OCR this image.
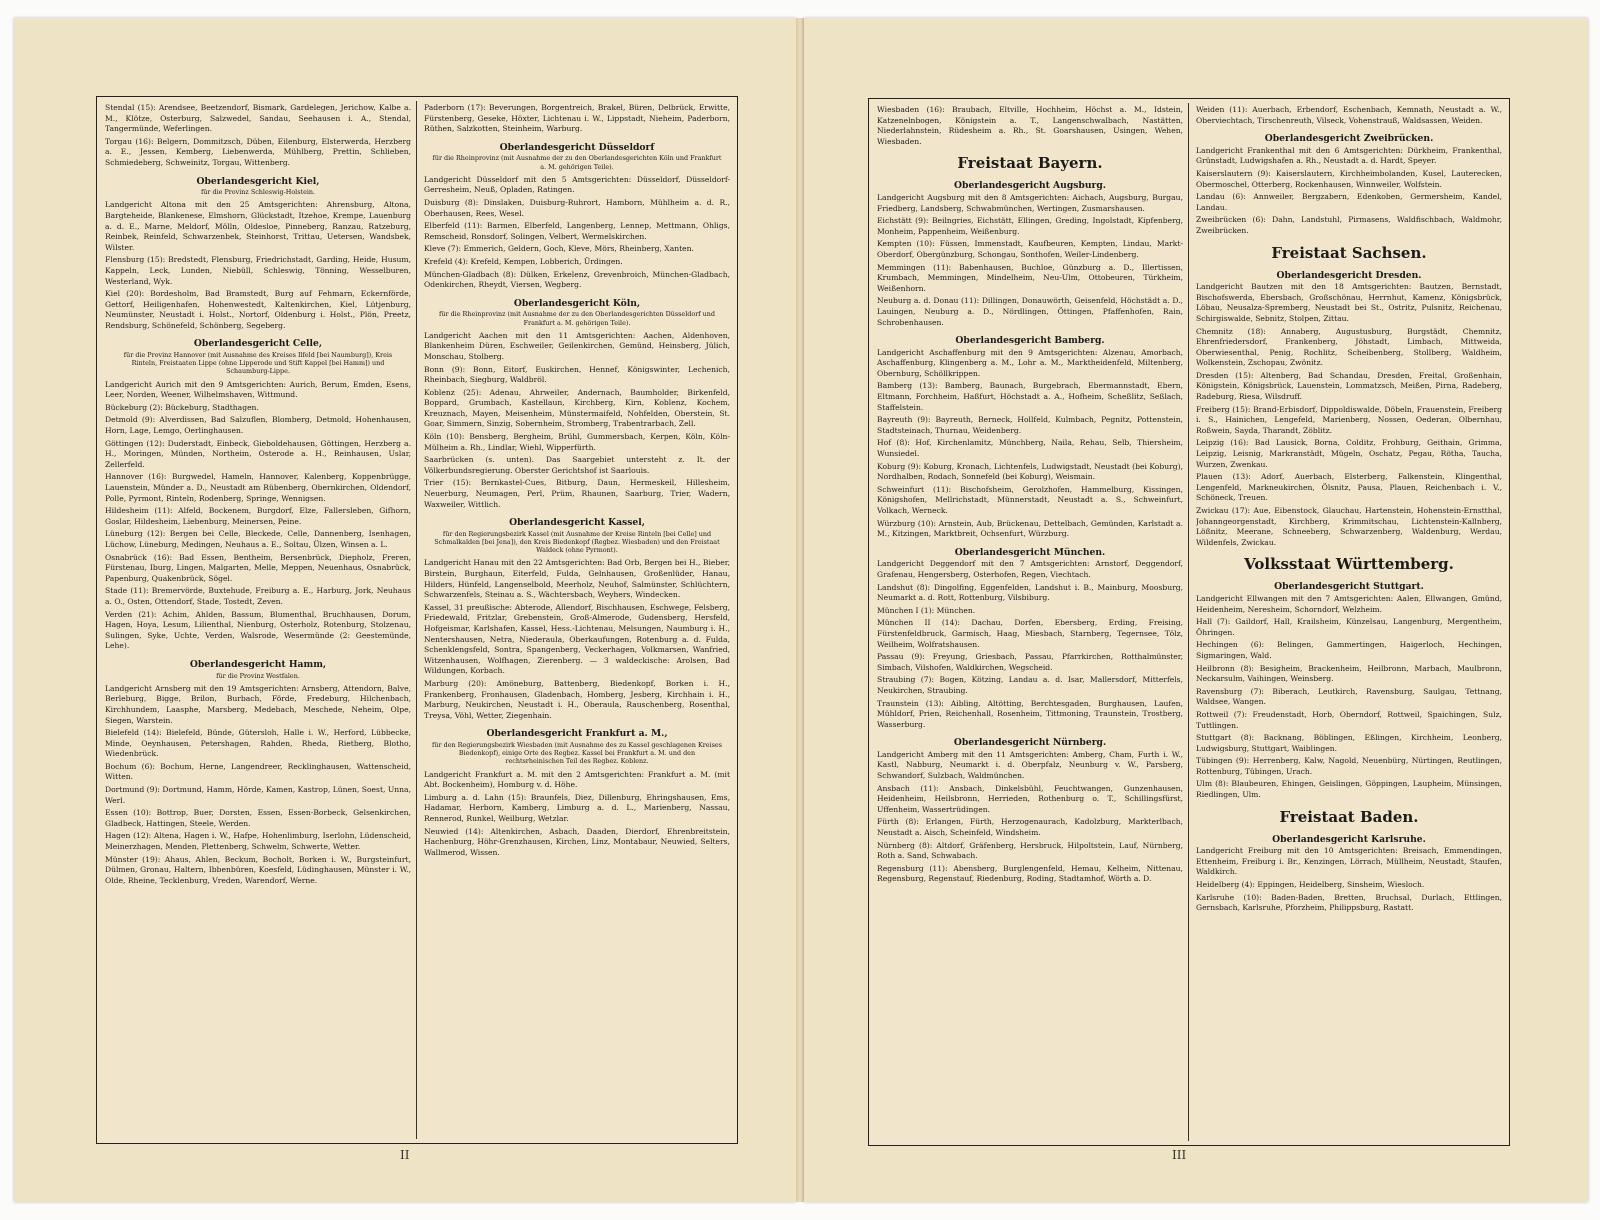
Stendal (15): Arendsee, Beetzendorf, Bismark, Gardelegen, Jerichow, Kalbe a. M., Klötze, Osterburg, Salzwedel, Sandau, Seehausen i. A., Stendal, Tangermünde, Weferlingen.
Torgau (16): Belgern, Dommitzsch, Düben, Eilenburg, Elsterwerda, Herzberg a. E., Jessen, Kemberg, Liebenwerda, Mühlberg, Prettin, Schlieben, Schmiedeberg, Schweinitz, Torgau, Wittenberg.
Oberlandesgericht Kiel,
für die Provinz Schleswig-Holstein.
Landgericht Altona mit den 25 Amtsgerichten: Ahrensburg, Altona, Bargteheide, Blankenese, Elmshorn, Glückstadt, Itzehoe, Krempe, Lauenburg a. d. E., Marne, Meldorf, Mölln, Oldesloe, Pinneberg, Ranzau, Ratzeburg, Reinbek, Reinfeld, Schwarzenbek, Steinhorst, Trittau, Uetersen, Wandsbek, Wilster.
Flensburg (15): Bredstedt, Flensburg, Friedrichstadt, Garding, Heide, Husum, Kappeln, Leck, Lunden, Niebüll, Schleswig, Tönning, Wesselburen, Westerland, Wyk.
Kiel (20): Bordesholm, Bad Bramstedt, Burg auf Fehmarn, Eckernförde, Gettorf, Heiligenhafen, Hohenwestedt, Kaltenkirchen, Kiel, Lütjenburg, Neumünster, Neustadt i. Holst., Nortorf, Oldenburg i. Holst., Plön, Preetz, Rendsburg, Schönefeld, Schönberg, Segeberg.
Oberlandesgericht Celle,
für die Provinz Hannover (mit Ausnahme des Kreises Ilfeld [bei Naumburg]), Kreis Rinteln, Freistaaten Lippe (ohne Lipperode und Stift Kappel [bei Hamm]) und Schaumburg-Lippe.
Landgericht Aurich mit den 9 Amtsgerichten: Aurich, Berum, Emden, Esens, Leer, Norden, Weener, Wilhelmshaven, Wittmund.
Bückeburg (2): Bückeburg, Stadthagen.
Detmold (9): Alverdissen, Bad Salzuflen, Blomberg, Detmold, Hohenhausen, Horn, Lage, Lemgo, Oerlinghausen.
Göttingen (12): Duderstadt, Einbeck, Gieboldehausen, Göttingen, Herzberg a. H., Moringen, Münden, Northeim, Osterode a. H., Reinhausen, Uslar, Zellerfeld.
Hannover (16): Burgwedel, Hameln, Hannover, Kalenberg, Koppenbrügge, Lauenstein, Münder a. D., Neustadt am Rübenberg, Obernkirchen, Oldendorf, Polle, Pyrmont, Rinteln, Rodenberg, Springe, Wennigsen.
Hildesheim (11): Alfeld, Bockenem, Burgdorf, Elze, Fallersleben, Gifhorn, Goslar, Hildesheim, Liebenburg, Meinersen, Peine.
Lüneburg (12): Bergen bei Celle, Bleckede, Celle, Dannenberg, Isenhagen, Lüchow, Lüneburg, Medingen, Neuhaus a. E., Soltau, Ülzen, Winsen a. L.
Osnabrück (16): Bad Essen, Bentheim, Bersenbrück, Diepholz, Freren, Fürstenau, Iburg, Lingen, Malgarten, Melle, Meppen, Neuenhaus, Osnabrück, Papenburg, Quakenbrück, Sögel.
Stade (11): Bremervörde, Buxtehude, Freiburg a. E., Harburg, Jork, Neuhaus a. O., Osten, Ottendorf, Stade, Tostedt, Zeven.
Verden (21): Achim, Ahlden, Bassum, Blumenthal, Bruchhausen, Dorum, Hagen, Hoya, Lesum, Lilienthal, Nienburg, Osterholz, Rotenburg, Stolzenau, Sulingen, Syke, Uchte, Verden, Walsrode, Wesermünde (2: Geestemünde, Lehe).
Oberlandesgericht Hamm,
für die Provinz Westfalen.
Landgericht Arnsberg mit den 19 Amtsgerichten: Arnsberg, Attendorn, Balve, Berleburg, Bigge, Brilon, Burbach, Förde, Fredeburg, Hilchenbach, Kirchhundem, Laasphe, Marsberg, Medebach, Meschede, Neheim, Olpe, Siegen, Warstein.
Bielefeld (14): Bielefeld, Bünde, Gütersloh, Halle i. W., Herford, Lübbecke, Minde, Oeynhausen, Petershagen, Rahden, Rheda, Rietberg, Blotho, Wiedenbrück.
Bochum (6): Bochum, Herne, Langendreer, Recklinghausen, Wattenscheid, Witten.
Dortmund (9): Dortmund, Hamm, Hörde, Kamen, Kastrop, Lünen, Soest, Unna, Werl.
Essen (10): Bottrop, Buer, Dorsten, Essen, Essen-Borbeck, Gelsenkirchen, Gladbeck, Hattingen, Steele, Werden.
Hagen (12): Altena, Hagen i. W., Hafpe, Hohenlimburg, Iserlohn, Lüdenscheid, Meinerzhagen, Menden, Plettenberg, Schwelm, Schwerte, Wetter.
Münster (19): Ahaus, Ahlen, Beckum, Bocholt, Borken i. W., Burgsteinfurt, Dülmen, Gronau, Haltern, Ibbenbüren, Koesfeld, Lüdinghausen, Münster i. W., Olde, Rheine, Tecklenburg, Vreden, Warendorf, Werne.
Paderborn (17): Beverungen, Borgentreich, Brakel, Büren, Delbrück, Erwitte, Fürstenberg, Geseke, Höxter, Lichtenau i. W., Lippstadt, Nieheim, Paderborn, Rüthen, Salzkotten, Steinheim, Warburg.
Oberlandesgericht Düsseldorf
für die Rheinprovinz (mit Ausnahme der zu den Oberlandesgerichten Köln und Frankfurt a. M. gehörigen Teile).
Landgericht Düsseldorf mit den 5 Amtsgerichten: Düsseldorf, Düsseldorf-Gerresheim, Neuß, Opladen, Ratingen.
Duisburg (8): Dinslaken, Duisburg-Ruhrort, Hamborn, Mühlheim a. d. R., Oberhausen, Rees, Wesel.
Elberfeld (11): Barmen, Elberfeld, Langenberg, Lennep, Mettmann, Ohligs, Remscheid, Ronsdorf, Solingen, Velbert, Wermelskirchen.
Kleve (7): Emmerich, Geldern, Goch, Kleve, Mörs, Rheinberg, Xanten.
Krefeld (4): Krefeld, Kempen, Lobberich, Ürdingen.
München-Gladbach (8): Dülken, Erkelenz, Grevenbroich, München-Gladbach, Odenkirchen, Rheydt, Viersen, Wegberg.
Oberlandesgericht Köln,
für die Rheinprovinz (mit Ausnahme der zu den Oberlandesgerichten Düsseldorf und Frankfurt a. M. gehörigen Teile).
Landgericht Aachen mit den 11 Amtsgerichten: Aachen, Aldenhoven, Blankenheim Düren, Eschweiler, Geilenkirchen, Gemünd, Heinsberg, Jülich, Monschau, Stolberg.
Bonn (9): Bonn, Eitorf, Euskirchen, Hennef, Königswinter, Lechenich, Rheinbach, Siegburg, Waldbröl.
Koblenz (25): Adenau, Ahrweiler, Andernach, Baumholder, Birkenfeld, Boppard, Grumbach, Kastellaun, Kirchberg, Kirn, Koblenz, Kochem, Kreuznach, Mayen, Meisenheim, Münstermaifeld, Nohfelden, Oberstein, St. Goar, Simmern, Sinzig, Sobernheim, Stromberg, Trabentrarbach, Zell.
Köln (10): Bensberg, Bergheim, Brühl, Gummersbach, Kerpen, Köln, Köln-Mülheim a. Rh., Lindlar, Wiehl, Wipperfürth.
Saarbrücken (s. unten). Das Saargebiet untersteht z. It. der Völkerbundsregierung. Oberster Gerichtshof ist Saarlouis.
Trier (15): Bernkastel-Cues, Bitburg, Daun, Hermeskeil, Hillesheim, Neuerburg, Neumagen, Perl, Prüm, Rhaunen, Saarburg, Trier, Wadern, Waxweiler, Wittlich.
Oberlandesgericht Kassel,
für den Regierungsbezirk Kassel (mit Ausnahme der Kreise Rinteln [bei Celle] und Schmalkalden [bei Jena]), den Kreis Biedenkopf (Regbez. Wiesbaden) und den Freistaat Waldeck (ohne Pyrmont).
Landgericht Hanau mit den 22 Amtsgerichten: Bad Orb, Bergen bei H., Bieber, Birstein, Burghaun, Eiterfeld, Fulda, Gelnhausen, Großenlüder, Hanau, Hilders, Hünfeld, Langenselbold, Meerholz, Neuhof, Salmünster, Schlüchtern, Schwarzenfels, Steinau a. S., Wächtersbach, Weyhers, Windecken.
Kassel, 31 preußische: Abterode, Allendorf, Bischhausen, Eschwege, Felsberg, Friedewald, Fritzlar, Grebenstein, Groß-Almerode, Gudensberg, Hersfeld, Hofgeismar, Karlshafen, Kassel, Hess.-Lichtenau, Melsungen, Naumburg i. H., Nentershausen, Netra, Niederaula, Oberkaufungen, Rotenburg a. d. Fulda, Schenklengsfeld, Sontra, Spangenberg, Veckerhagen, Volkmarsen, Wanfried, Witzenhausen, Wolfhagen, Zierenberg. — 3 waldeckische: Arolsen, Bad Wildungen, Korbach.
Marburg (20): Amöneburg, Battenberg, Biedenkopf, Borken i. H., Frankenberg, Fronhausen, Gladenbach, Homberg, Jesberg, Kirchhain i. H., Marburg, Neukirchen, Neustadt i. H., Oberaula, Rauschenberg, Rosenthal, Treysa, Vöhl, Wetter, Ziegenhain.
Oberlandesgericht Frankfurt a. M.,
für den Regierungsbezirk Wiesbaden (mit Ausnahme des zu Kassel geschlagenen Kreises Biedenkopf), einige Orte des Regbez. Kassel bei Frankfurt a. M. und den rechtsrheinischen Teil des Regbez. Koblenz.
Landgericht Frankfurt a. M. mit den 2 Amtsgerichten: Frankfurt a. M. (mit Abt. Bockenheim), Homburg v. d. Höhe.
Limburg a. d. Lahn (15): Braunfels, Diez, Dillenburg, Ehringshausen, Ems, Hadamar, Herborn, Kamberg, Limburg a. d. L., Marienberg, Nassau, Rennerod, Runkel, Weilburg, Wetzlar.
Neuwied (14): Altenkirchen, Asbach, Daaden, Dierdorf, Ehrenbreitstein, Hachenburg, Höhr-Grenzhausen, Kirchen, Linz, Montabaur, Neuwied, Selters, Wallmerod, Wissen.
II
Wiesbaden (16): Braubach, Eltville, Hochheim, Höchst a. M., Idstein, Katzenelnbogen, Königstein a. T., Langenschwalbach, Nastätten, Niederlahnstein, Rüdesheim a. Rh., St. Goarshausen, Usingen, Wehen, Wiesbaden.
Freistaat Bayern.
Oberlandesgericht Augsburg.
Landgericht Augsburg mit den 8 Amtsgerichten: Aichach, Augsburg, Burgau, Friedberg, Landsberg, Schwabmünchen, Wertingen, Zusmarshausen.
Eichstätt (9): Beilngries, Eichstätt, Ellingen, Greding, Ingolstadt, Kipfenberg, Monheim, Pappenheim, Weißenburg.
Kempten (10): Füssen, Immenstadt, Kaufbeuren, Kempten, Lindau, Markt-Oberdorf, Obergünzburg, Schongau, Sonthofen, Weiler-Lindenberg.
Memmingen (11): Babenhausen, Buchloe, Günzburg a. D., Illertissen, Krumbach, Memmingen, Mindelheim, Neu-Ulm, Ottobeuren, Türkheim, Weißenhorn.
Neuburg a. d. Donau (11): Dillingen, Donauwörth, Geisenfeld, Höchstädt a. D., Lauingen, Neuburg a. D., Nördlingen, Öttingen, Pfaffenhofen, Rain, Schrobenhausen.
Oberlandesgericht Bamberg.
Landgericht Aschaffenburg mit den 9 Amtsgerichten: Alzenau, Amorbach, Aschaffenburg, Klingenberg a. M., Lohr a. M., Marktheidenfeld, Miltenberg, Obernburg, Schöllkrippen.
Bamberg (13): Bamberg, Baunach, Burgebrach, Ebermannstadt, Ebern, Eltmann, Forchheim, Haßfurt, Höchstadt a. A., Hofheim, Scheßlitz, Seßlach, Staffelstein.
Bayreuth (9): Bayreuth, Berneck, Hollfeld, Kulmbach, Pegnitz, Pottenstein, Stadtsteinach, Thurnau, Weidenberg.
Hof (8): Hof, Kirchenlamitz, Münchberg, Naila, Rehau, Selb, Thiersheim, Wunsiedel.
Koburg (9): Koburg, Kronach, Lichtenfels, Ludwigstadt, Neustadt (bei Koburg), Nordhalben, Rodach, Sonnefeld (bei Koburg), Weismain.
Schweinfurt (11): Bischofsheim, Gerolzhofen, Hammelburg, Kissingen, Königshofen, Mellrichstadt, Münnerstadt, Neustadt a. S., Schweinfurt, Volkach, Werneck.
Würzburg (10): Arnstein, Aub, Brückenau, Dettelbach, Gemünden, Karlstadt a. M., Kitzingen, Marktbreit, Ochsenfurt, Würzburg.
Oberlandesgericht München.
Landgericht Deggendorf mit den 7 Amtsgerichten: Arnstorf, Deggendorf, Grafenau, Hengersberg, Osterhofen, Regen, Viechtach.
Landshut (8): Dingolfing, Eggenfelden, Landshut i. B., Mainburg, Moosburg, Neumarkt a. d. Rott, Rottenburg, Vilsbiburg.
München I (1): München.
München II (14): Dachau, Dorfen, Ebersberg, Erding, Freising, Fürstenfeldbruck, Garmisch, Haag, Miesbach, Starnberg, Tegernsee, Tölz, Weilheim, Wolfratshausen.
Passau (9): Freyung, Griesbach, Passau, Pfarrkirchen, Rotthalmünster, Simbach, Vilshofen, Waldkirchen, Wegscheid.
Straubing (7): Bogen, Kötzing, Landau a. d. Isar, Mallersdorf, Mitterfels, Neukirchen, Straubing.
Traunstein (13): Aibling, Altötting, Berchtesgaden, Burghausen, Laufen, Mühldorf, Prien, Reichenhall, Rosenheim, Tittmoning, Traunstein, Trostberg, Wasserburg.
Oberlandesgericht Nürnberg.
Landgericht Amberg mit den 11 Amtsgerichten: Amberg, Cham, Furth i. W., Kastl, Nabburg, Neumarkt i. d. Oberpfalz, Neunburg v. W., Parsberg, Schwandorf, Sulzbach, Waldmünchen.
Ansbach (11): Ansbach, Dinkelsbühl, Feuchtwangen, Gunzenhausen, Heidenheim, Heilsbronn, Herrieden, Rothenburg o. T., Schillingsfürst, Uffenheim, Wassertrüdingen.
Fürth (8): Erlangen, Fürth, Herzogenaurach, Kadolzburg, Markterlbach, Neustadt a. Aisch, Scheinfeld, Windsheim.
Nürnberg (8): Altdorf, Gräfenberg, Hersbruck, Hilpoltstein, Lauf, Nürnberg, Roth a. Sand, Schwabach.
Regensburg (11): Abensberg, Burglengenfeld, Hemau, Kelheim, Nittenau, Regensburg, Regenstauf, Riedenburg, Roding, Stadtamhof, Wörth a. D.
Weiden (11): Auerbach, Erbendorf, Eschenbach, Kemnath, Neustadt a. W., Oberviechtach, Tirschenreuth, Vilseck, Vohenstrauß, Waldsassen, Weiden.
Oberlandesgericht Zweibrücken.
Landgericht Frankenthal mit den 6 Amtsgerichten: Dürkheim, Frankenthal, Grünstadt, Ludwigshafen a. Rh., Neustadt a. d. Hardt, Speyer.
Kaiserslautern (9): Kaiserslautern, Kirchheimbolanden, Kusel, Lauterecken, Obermoschel, Otterberg, Rockenhausen, Winnweiler, Wolfstein.
Landau (6): Annweiler, Bergzabern, Edenkoben, Germersheim, Kandel, Landau.
Zweibrücken (6): Dahn, Landstuhl, Pirmasens, Waldfischbach, Waldmohr, Zweibrücken.
Freistaat Sachsen.
Oberlandesgericht Dresden.
Landgericht Bautzen mit den 18 Amtsgerichten: Bautzen, Bernstadt, Bischofswerda, Ebersbach, Großschönau, Herrnhut, Kamenz, Königsbrück, Löbau, Neusalza-Spremberg, Neustadt bei St., Ostritz, Pulsnitz, Reichenau, Schirgiswalde, Sebnitz, Stolpen, Zittau.
Chemnitz (18): Annaberg, Augustusburg, Burgstädt, Chemnitz, Ehrenfriedersdorf, Frankenberg, Jöhstadt, Limbach, Mittweida, Oberwiesenthal, Penig, Rochlitz, Scheibenberg, Stollberg, Waldheim, Wolkenstein, Zschopau, Zwönitz.
Dresden (15): Altenberg, Bad Schandau, Dresden, Freital, Großenhain, Königstein, Königsbrück, Lauenstein, Lommatzsch, Meißen, Pirna, Radeberg, Radeburg, Riesa, Wilsdruff.
Freiberg (15): Brand-Erbisdorf, Dippoldiswalde, Döbeln, Frauenstein, Freiberg i. S., Hainichen, Lengefeld, Marienberg, Nossen, Oederan, Olbernhau, Roßwein, Sayda, Tharandt, Zöblitz.
Leipzig (16): Bad Lausick, Borna, Colditz, Frohburg, Geithain, Grimma, Leipzig, Leisnig, Markranstädt, Mügeln, Oschatz, Pegau, Rötha, Taucha, Wurzen, Zwenkau.
Plauen (13): Adorf, Auerbach, Elsterberg, Falkenstein, Klingenthal, Lengenfeld, Markneukirchen, Ölsnitz, Pausa, Plauen, Reichenbach i. V., Schöneck, Treuen.
Zwickau (17): Aue, Eibenstock, Glauchau, Hartenstein, Hohenstein-Ernstthal, Johanngeorgenstadt, Kirchberg, Krimmitschau, Lichtenstein-Kallnberg, Lößnitz, Meerane, Schneeberg, Schwarzenberg, Waldenburg, Werdau, Wildenfels, Zwickau.
Volksstaat Württemberg.
Oberlandesgericht Stuttgart.
Landgericht Ellwangen mit den 7 Amtsgerichten: Aalen, Ellwangen, Gmünd, Heidenheim, Neresheim, Schorndorf, Welzheim.
Hall (7): Gaildorf, Hall, Krailsheim, Künzelsau, Langenburg, Mergentheim, Öhringen.
Hechingen (6): Belingen, Gammertingen, Haigerloch, Hechingen, Sigmaringen, Wald.
Heilbronn (8): Besigheim, Brackenheim, Heilbronn, Marbach, Maulbronn, Neckarsulm, Vaihingen, Weinsberg.
Ravensburg (7): Biberach, Leutkirch, Ravensburg, Saulgau, Tettnang, Waldsee, Wangen.
Rottweil (7): Freudenstadt, Horb, Oberndorf, Rottweil, Spaichingen, Sulz, Tuttlingen.
Stuttgart (8): Backnang, Böblingen, Eßlingen, Kirchheim, Leonberg, Ludwigsburg, Stuttgart, Waiblingen.
Tübingen (9): Herrenberg, Kalw, Nagold, Neuenbürg, Nürtingen, Reutlingen, Rottenburg, Tübingen, Urach.
Ulm (8): Blaubeuren, Ehingen, Geislingen, Göppingen, Laupheim, Münsingen, Riedlingen, Ulm.
Freistaat Baden.
Oberlandesgericht Karlsruhe.
Landgericht Freiburg mit den 10 Amtsgerichten: Breisach, Emmendingen, Ettenheim, Freiburg i. Br., Kenzingen, Lörrach, Müllheim, Neustadt, Staufen, Waldkirch.
Heidelberg (4): Eppingen, Heidelberg, Sinsheim, Wiesloch.
Karlsruhe (10): Baden-Baden, Bretten, Bruchsal, Durlach, Ettlingen, Gernsbach, Karlsruhe, Pforzheim, Philippsburg, Rastatt.
III
